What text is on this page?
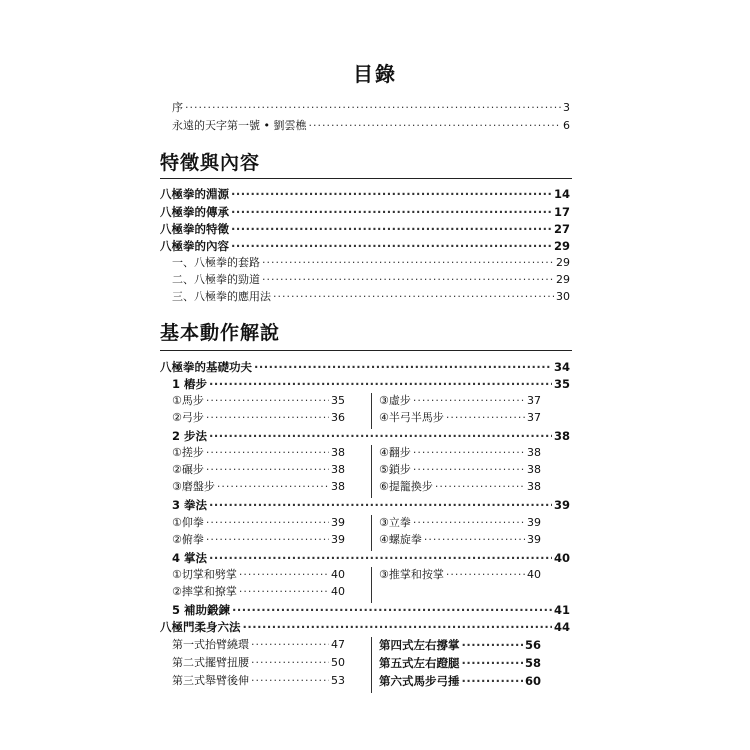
目錄
序 ·····	3
永遠的天字第一號 • 劉雲樵 ·····	6
特徵與內容
八極拳的淵源 ·····	14
八極拳的傳承 ·····	17
八極拳的特徵 ·····	27
八極拳的內容 ·····	29
一、八極拳的套路 ·····	29
二、八極拳的勁道 ·····	29
三、八極拳的應用法 ·····	30
基本動作解說
八極拳的基礎功夫 ·····	34
1 樁步 ·····	35
①馬步 ·····	35
②弓步 ·····	36
③虛步 ·····	37
④半弓半馬步 ·····	37
2 步法 ·····	38
①搓步 ·····	38
②碾步 ·····	38
③磨盤步 ·····	38
④翻步 ·····	38
⑤鎖步 ·····	38
⑥提籠換步 ·····	38
3 拳法 ·····	39
①仰拳 ·····	39
②俯拳 ·····	39
③立拳 ·····	39
④螺旋拳 ·····	39
4 掌法 ·····	40
①切掌和劈掌 ·····	40
②摔掌和撩掌 ·····	40
③推掌和按掌 ·····	40
5 補助鍛鍊 ·····	41
八極門柔身六法 ·····	44
第一式抬臂繞環 ·····	47
第二式擺臂扭腰 ·····	50
第三式舉臂後伸 ·····	53
第四式左右撐掌 ·····	56
第五式左右蹬腿 ·····	58
第六式馬步弓捶 ·····	60
